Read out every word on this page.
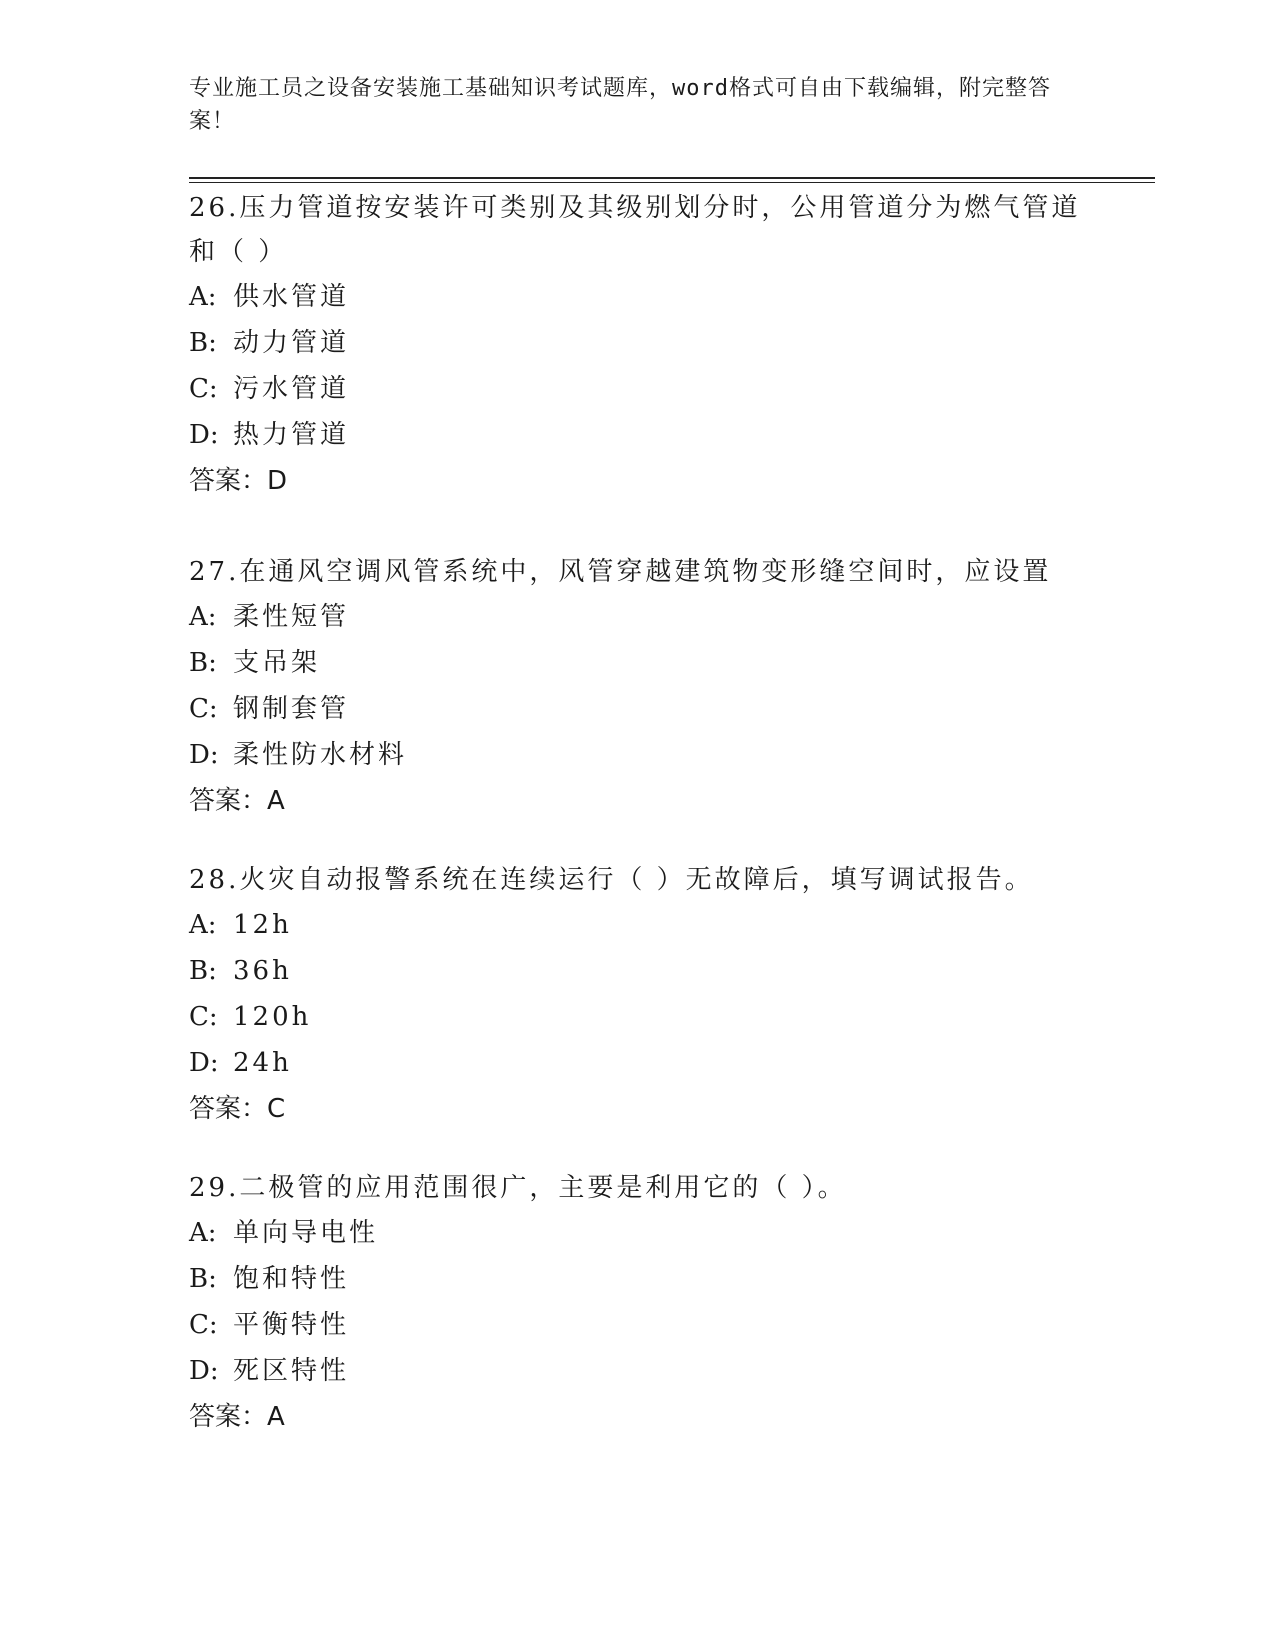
专业施工员之设备安装施工基础知识考试题库，word格式可自由下载编辑，附完整答案！
26.压力管道按安装许可类别及其级别划分时，公用管道分为燃气管道和（ ）
A: 供水管道
B: 动力管道
C: 污水管道
D: 热力管道
答案：D
27.在通风空调风管系统中，风管穿越建筑物变形缝空间时，应设置
A: 柔性短管
B: 支吊架
C: 钢制套管
D: 柔性防水材料
答案：A
28.火灾自动报警系统在连续运行（ ）无故障后，填写调试报告。
A: 12h
B: 36h
C: 120h
D: 24h
答案：C
29.二极管的应用范围很广，主要是利用它的（ ）。
A: 单向导电性
B: 饱和特性
C: 平衡特性
D: 死区特性
答案：A
